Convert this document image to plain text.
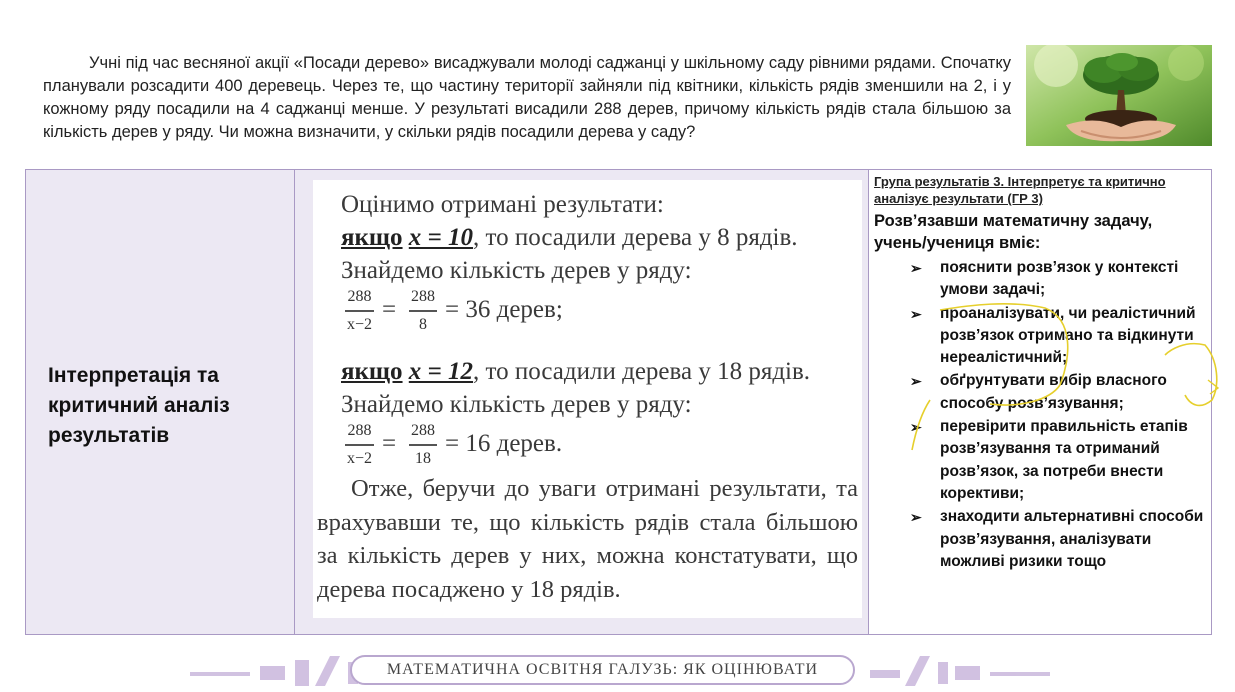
Учні під час весняної акції «Посади дерево» висаджували молоді саджанці у шкільному саду рівними рядами. Спочатку планували розсадити 400 деревець. Через те, що частину території зайняли під квітники, кількість рядів зменшили на 2, і у кожному ряду посадили на 4 саджанці менше. У результаті висадили 288 дерев, причому кількість рядів стала більшою за кількість дерев у ряду. Чи можна визначити, у скільки рядів посадили дерева у саду?
Інтерпретація та критичний аналіз результатів
Оцінимо отримані результати:
якщо x = 10, то посадили дерева у 8 рядів.
Знайдемо кількість дерев у ряду:
288
x−2
= 288
8
= 36 дерев;
якщо x = 12, то посадили дерева у 18 рядів.
Знайдемо кількість дерев у ряду:
288
x−2
= 288
18
= 16 дерев.
Отже, беручи до уваги отримані результати, та врахувавши те, що кількість рядів стала більшою за кількість дерев у них, можна констатувати, що дерева посаджено у 18 рядів.
Група результатів 3. Інтерпретує та критично аналізує результати (ГР 3)
Розв’язавши математичну задачу, учень/учениця вміє:
➢ пояснити розв’язок у контексті умови задачі;
➢ проаналізувати, чи реалістичний розв’язок отримано та відкинути нереалістичний;
➢ обґрунтувати вибір власного способу розв’язування;
➢ перевірити правильність етапів розв’язування та отриманий розв’язок, за потреби внести корективи;
➢ знаходити альтернативні способи розв’язування, аналізувати можливі ризики тощо
МАТЕМАТИЧНА ОСВІТНЯ ГАЛУЗЬ: ЯК ОЦІНЮВАТИ
